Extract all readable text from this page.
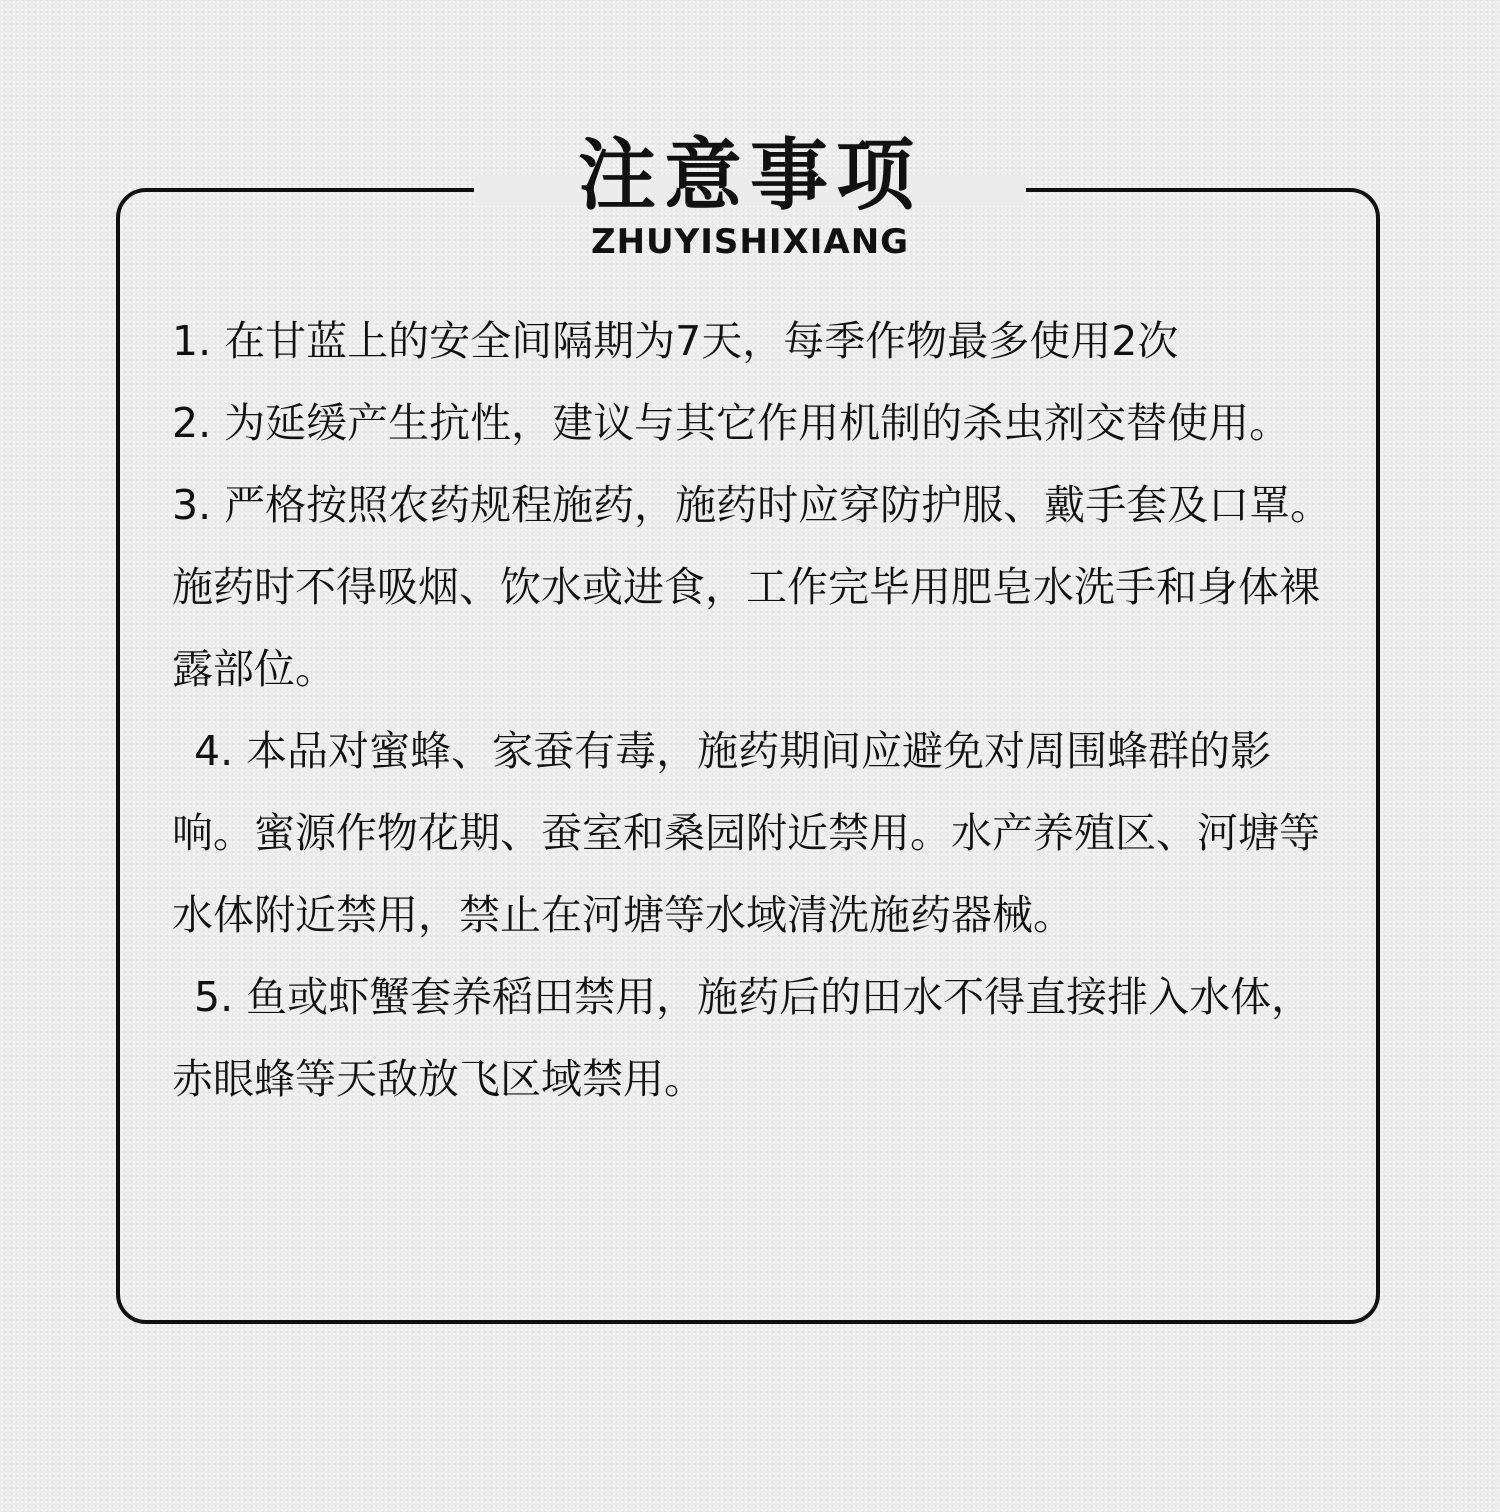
注意事项
ZHUYISHIXIANG
1. 在甘蓝上的安全间隔期为7天，每季作物最多使用2次
2. 为延缓产生抗性，建议与其它作用机制的杀虫剂交替使用。
3. 严格按照农药规程施药，施药时应穿防护服、戴手套及口罩。施药时不得吸烟、饮水或进食，工作完毕用肥皂水洗手和身体裸露部位。
4. 本品对蜜蜂、家蚕有毒，施药期间应避免对周围蜂群的影响。蜜源作物花期、蚕室和桑园附近禁用。水产养殖区、河塘等水体附近禁用，禁止在河塘等水域清洗施药器械。
5. 鱼或虾蟹套养稻田禁用，施药后的田水不得直接排入水体，赤眼蜂等天敌放飞区域禁用。
